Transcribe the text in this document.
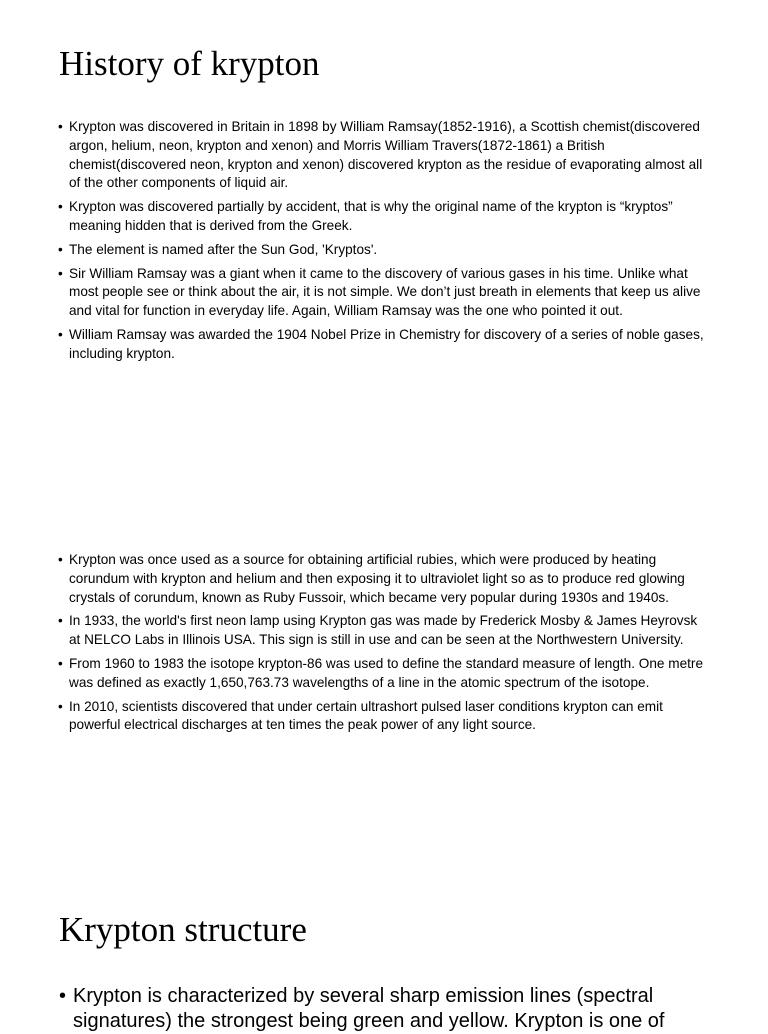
History of krypton
• Krypton was discovered in Britain in 1898 by William Ramsay(1852-1916), a Scottish chemist(discovered argon, helium, neon, krypton and xenon) and Morris William Travers(1872-1861) a British chemist(discovered neon, krypton and xenon) discovered krypton as the residue of evaporating almost all of the other components of liquid air.
• Krypton was discovered partially by accident, that is why the original name of the krypton is “kryptos” meaning hidden that is derived from the Greek.
• The element is named after the Sun God, 'Kryptos'.
• Sir William Ramsay was a giant when it came to the discovery of various gases in his time. Unlike what most people see or think about the air, it is not simple. We don’t just breath in elements that keep us alive and vital for function in everyday life. Again, William Ramsay was the one who pointed it out.
• William Ramsay was awarded the 1904 Nobel Prize in Chemistry for discovery of a series of noble gases, including krypton.
• Krypton was once used as a source for obtaining artificial rubies, which were produced by heating corundum with krypton and helium and then exposing it to ultraviolet light so as to produce red glowing crystals of corundum, known as Ruby Fussoir, which became very popular during 1930s and 1940s.
• In 1933, the world's first neon lamp using Krypton gas was made by Frederick Mosby & James Heyrovsk at NELCO Labs in Illinois USA. This sign is still in use and can be seen at the Northwestern University.
• From 1960 to 1983 the isotope krypton-86 was used to define the standard measure of length. One metre was defined as exactly 1,650,763.73 wavelengths of a line in the atomic spectrum of the isotope.
• In 2010, scientists discovered that under certain ultrashort pulsed laser conditions krypton can emit powerful electrical discharges at ten times the peak power of any light source.
Krypton structure
• Krypton is characterized by several sharp emission lines (spectral signatures) the strongest being green and yellow. Krypton is one of
